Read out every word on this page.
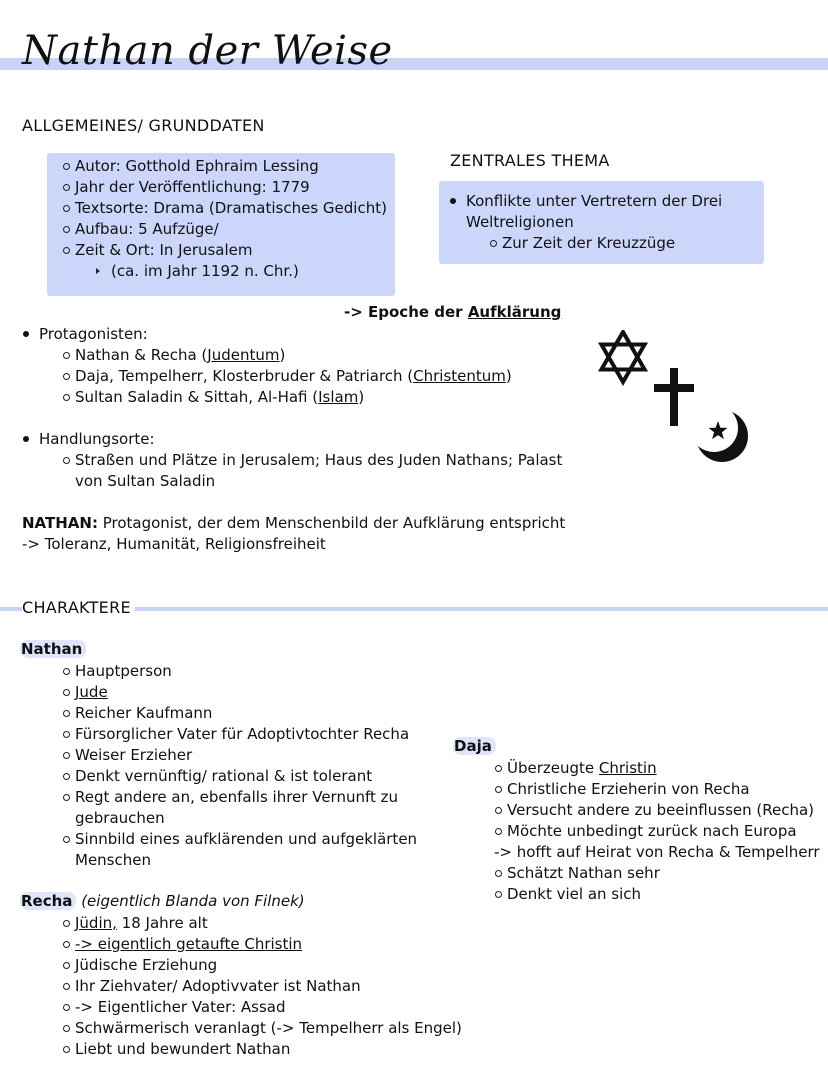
Nathan der Weise
ALLGEMEINES/ GRUNDDATEN
Autor: Gotthold Ephraim Lessing
Jahr der Veröffentlichung: 1779
Textsorte: Drama (Dramatisches Gedicht)
Aufbau: 5 Aufzüge/
Zeit & Ort: In Jerusalem
(ca. im Jahr 1192 n. Chr.)
ZENTRALES THEMA
Konflikte unter Vertretern der Drei
Weltreligionen
Zur Zeit der Kreuzzüge
-> Epoche der Aufklärung
Protagonisten:
Nathan & Recha (Judentum)
Daja, Tempelherr, Klosterbruder & Patriarch (Christentum)
Sultan Saladin & Sittah, Al-Hafi (Islam)
Handlungsorte:
Straßen und Plätze in Jerusalem; Haus des Juden Nathans; Palast
von Sultan Saladin
NATHAN: Protagonist, der dem Menschenbild der Aufklärung entspricht
-> Toleranz, Humanität, Religionsfreiheit
CHARAKTERE
Nathan
Hauptperson
Jude
Reicher Kaufmann
Fürsorglicher Vater für Adoptivtochter Recha
Weiser Erzieher
Denkt vernünftig/ rational & ist tolerant
Regt andere an, ebenfalls ihrer Vernunft zu
gebrauchen
Sinnbild eines aufklärenden und aufgeklärten
Menschen
Recha (eigentlich Blanda von Filnek)
Jüdin, 18 Jahre alt
-> eigentlich getaufte Christin
Jüdische Erziehung
Ihr Ziehvater/ Adoptivvater ist Nathan
-> Eigentlicher Vater: Assad
Schwärmerisch veranlagt (-> Tempelherr als Engel)
Liebt und bewundert Nathan
Daja
Überzeugte Christin
Christliche Erzieherin von Recha
Versucht andere zu beeinflussen (Recha)
Möchte unbedingt zurück nach Europa
-> hofft auf Heirat von Recha & Tempelherr
Schätzt Nathan sehr
Denkt viel an sich
